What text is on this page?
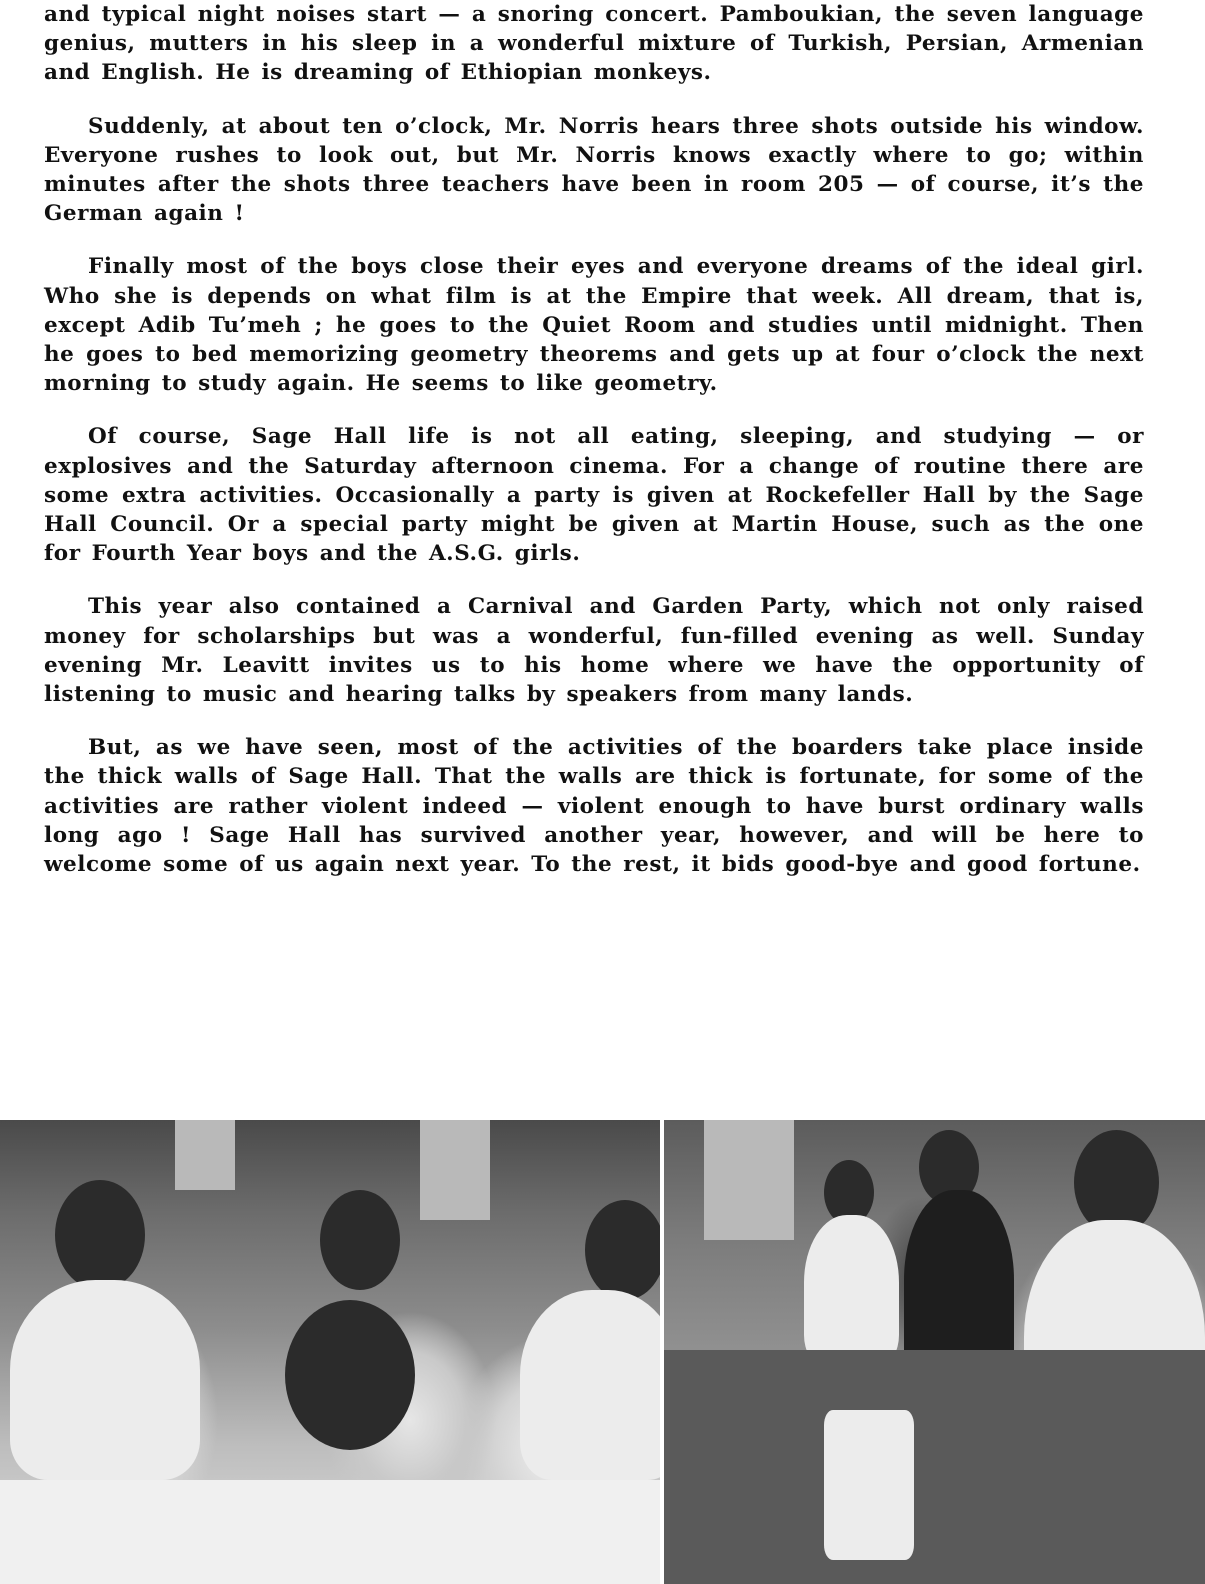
and typical night noises start — a snoring concert. Pamboukian, the seven language genius, mutters in his sleep in a wonderful mixture of Turkish, Persian, Armenian and English. He is dreaming of Ethiopian monkeys.

Suddenly, at about ten o’clock, Mr. Norris hears three shots outside his window. Everyone rushes to look out, but Mr. Norris knows exactly where to go; within minutes after the shots three teachers have been in room 205 — of course, it’s the German again !

Finally most of the boys close their eyes and everyone dreams of the ideal girl. Who she is depends on what film is at the Empire that week. All dream, that is, except Adib Tu’meh ; he goes to the Quiet Room and studies until midnight. Then he goes to bed memorizing geometry theorems and gets up at four o’clock the next morning to study again. He seems to like geometry.

Of course, Sage Hall life is not all eating, sleeping, and studying — or explosives and the Saturday afternoon cinema. For a change of routine there are some extra activities. Occasionally a party is given at Rockefeller Hall by the Sage Hall Council. Or a special party might be given at Martin House, such as the one for Fourth Year boys and the A.S.G. girls.

This year also contained a Carnival and Garden Party, which not only raised money for scholarships but was a wonderful, fun-filled evening as well. Sunday evening Mr. Leavitt invites us to his home where we have the opportunity of listening to music and hearing talks by speakers from many lands.

But, as we have seen, most of the activities of the boarders take place inside the thick walls of Sage Hall. That the walls are thick is fortunate, for some of the activities are rather violent indeed — violent enough to have burst ordinary walls long ago ! Sage Hall has survived another year, however, and will be here to welcome some of us again next year. To the rest, it bids good-bye and good fortune.
